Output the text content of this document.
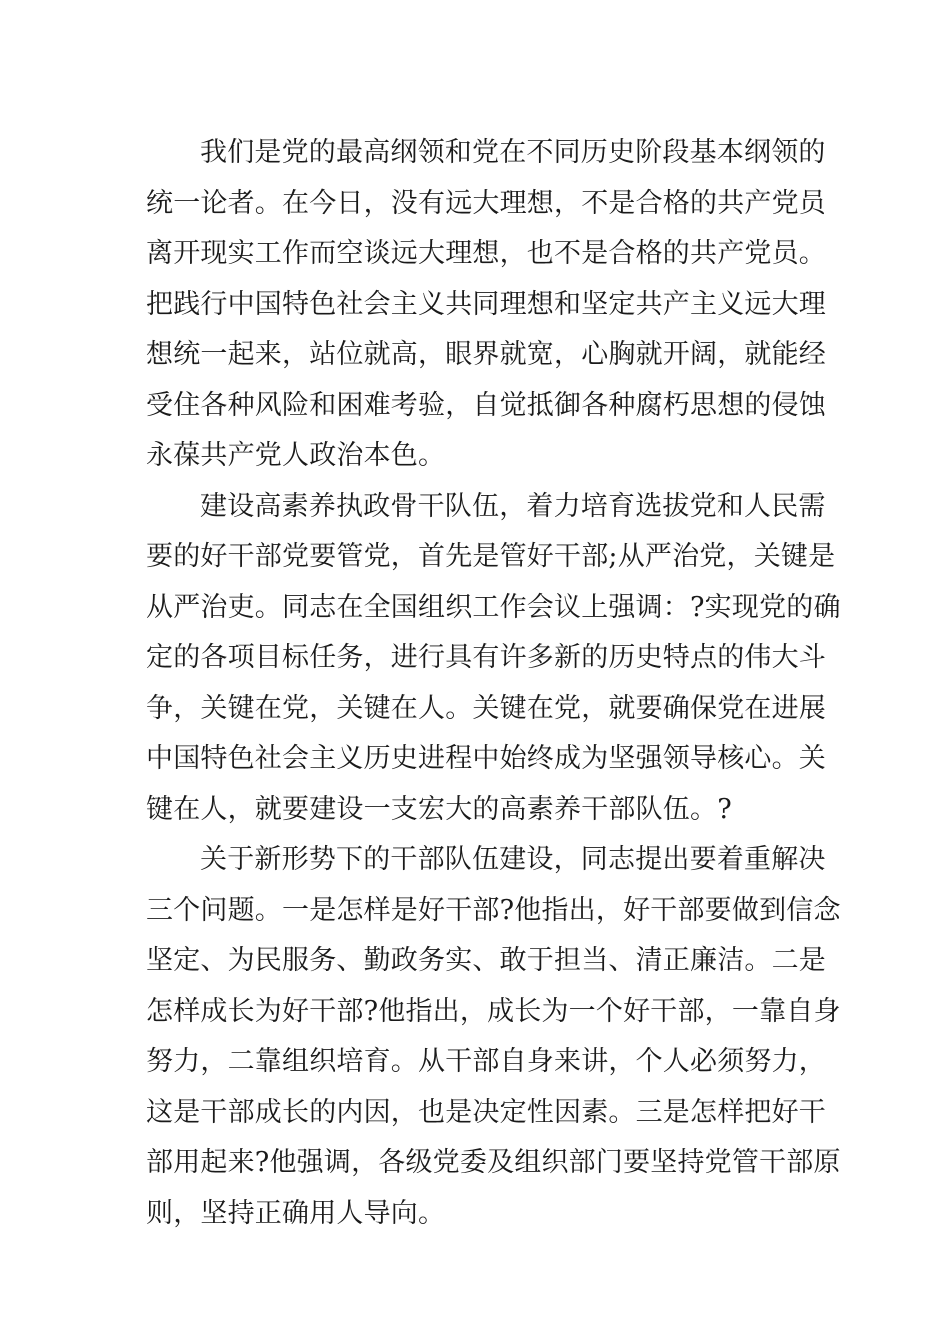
我们是党的最高纲领和党在不同历史阶段基本纲领的
统一论者。在今日，没有远大理想，不是合格的共产党员
离开现实工作而空谈远大理想，也不是合格的共产党员。
把践行中国特色社会主义共同理想和坚定共产主义远大理
想统一起来，站位就高，眼界就宽，心胸就开阔，就能经
受住各种风险和困难考验，自觉抵御各种腐朽思想的侵蚀
永葆共产党人政治本色。
建设高素养执政骨干队伍，着力培育选拔党和人民需
要的好干部党要管党，首先是管好干部;从严治党，关键是
从严治吏。同志在全国组织工作会议上强调：?实现党的确
定的各项目标任务，进行具有许多新的历史特点的伟大斗
争，关键在党，关键在人。关键在党，就要确保党在进展
中国特色社会主义历史进程中始终成为坚强领导核心。关
键在人，就要建设一支宏大的高素养干部队伍。?
关于新形势下的干部队伍建设，同志提出要着重解决
三个问题。一是怎样是好干部?他指出，好干部要做到信念
坚定、为民服务、勤政务实、敢于担当、清正廉洁。二是
怎样成长为好干部?他指出，成长为一个好干部，一靠自身
努力，二靠组织培育。从干部自身来讲，个人必须努力，
这是干部成长的内因，也是决定性因素。三是怎样把好干
部用起来?他强调，各级党委及组织部门要坚持党管干部原
则，坚持正确用人导向。
